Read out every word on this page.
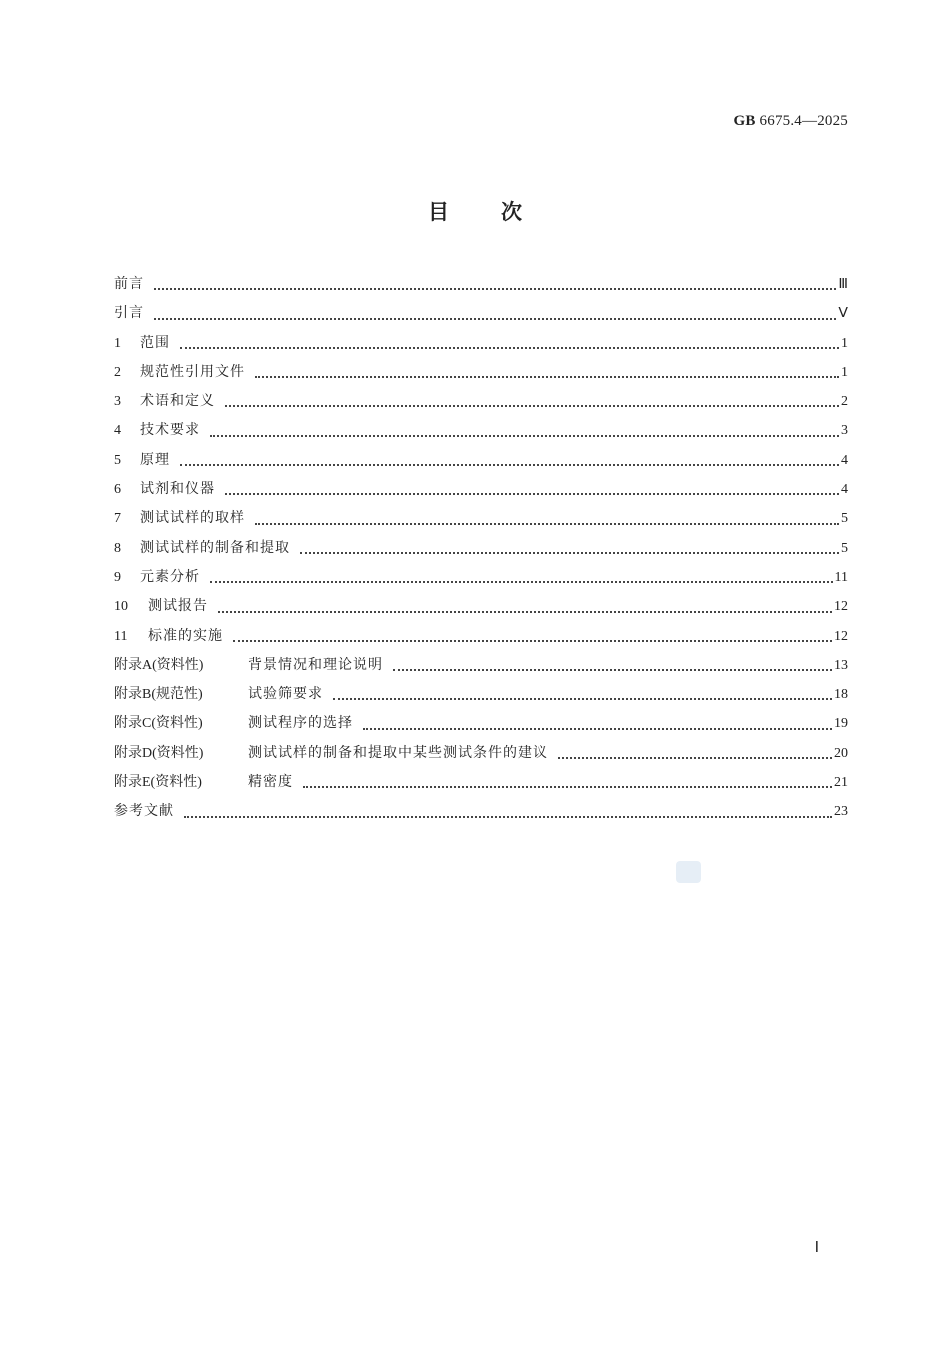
GB 6675.4—2025
目次
前言	Ⅲ
引言	Ⅴ
1	范围	1
2	规范性引用文件	1
3	术语和定义	2
4	技术要求	3
5	原理	4
6	试剂和仪器	4
7	测试试样的取样	5
8	测试试样的制备和提取	5
9	元素分析	11
10	测试报告	12
11	标准的实施	12
附录A(资料性)	背景情况和理论说明	13
附录B(规范性)	试验筛要求	18
附录C(资料性)	测试程序的选择	19
附录D(资料性)	测试试样的制备和提取中某些测试条件的建议	20
附录E(资料性)	精密度	21
参考文献	23
Ⅰ
